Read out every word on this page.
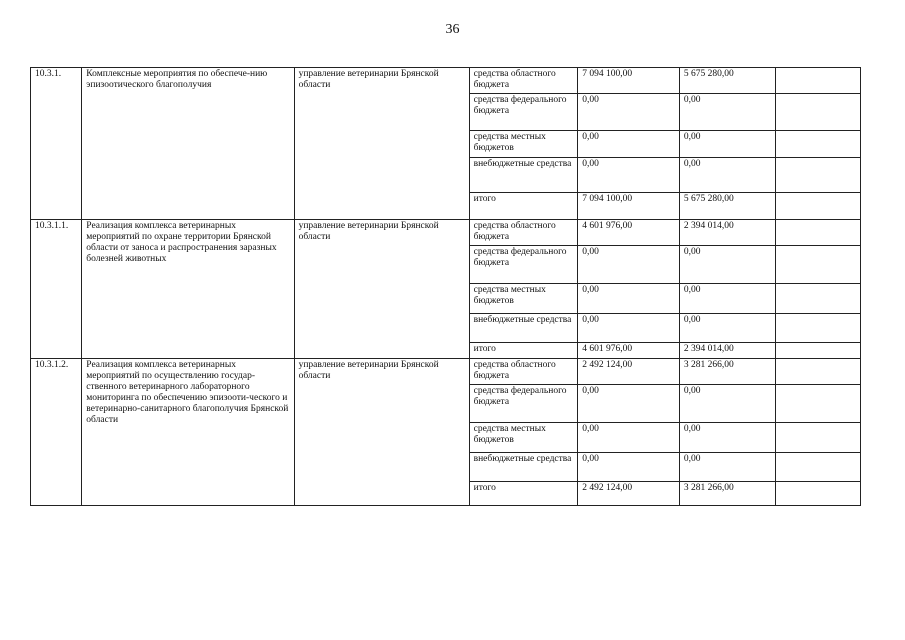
36
10.3.1.	Комплексные мероприятия по обеспече-нию эпизоотического благополучия	управление ветеринарии Брянской области	средства областного бюджета	7 094 100,00	5 675 280,00	
			средства федерального бюджета	0,00	0,00	
			средства местных бюджетов	0,00	0,00	
			внебюджетные средства	0,00	0,00	
			итого	7 094 100,00	5 675 280,00	
10.3.1.1.	Реализация комплекса ветеринарных мероприятий по охране территории Брянской области от заноса и распространения заразных болезней животных	управление ветеринарии Брянской области	средства областного бюджета	4 601 976,00	2 394 014,00	
			средства федерального бюджета	0,00	0,00	
			средства местных бюджетов	0,00	0,00	
			внебюджетные средства	0,00	0,00	
			итого	4 601 976,00	2 394 014,00	
10.3.1.2.	Реализация комплекса ветеринарных мероприятий по осуществлению государ-ственного ветеринарного лабораторного мониторинга по обеспечению эпизооти-ческого и ветеринарно-санитарного благополучия Брянской области	управление ветеринарии Брянской области	средства областного бюджета	2 492 124,00	3 281 266,00	
			средства федерального бюджета	0,00	0,00	
			средства местных бюджетов	0,00	0,00	
			внебюджетные средства	0,00	0,00	
			итого	2 492 124,00	3 281 266,00	
